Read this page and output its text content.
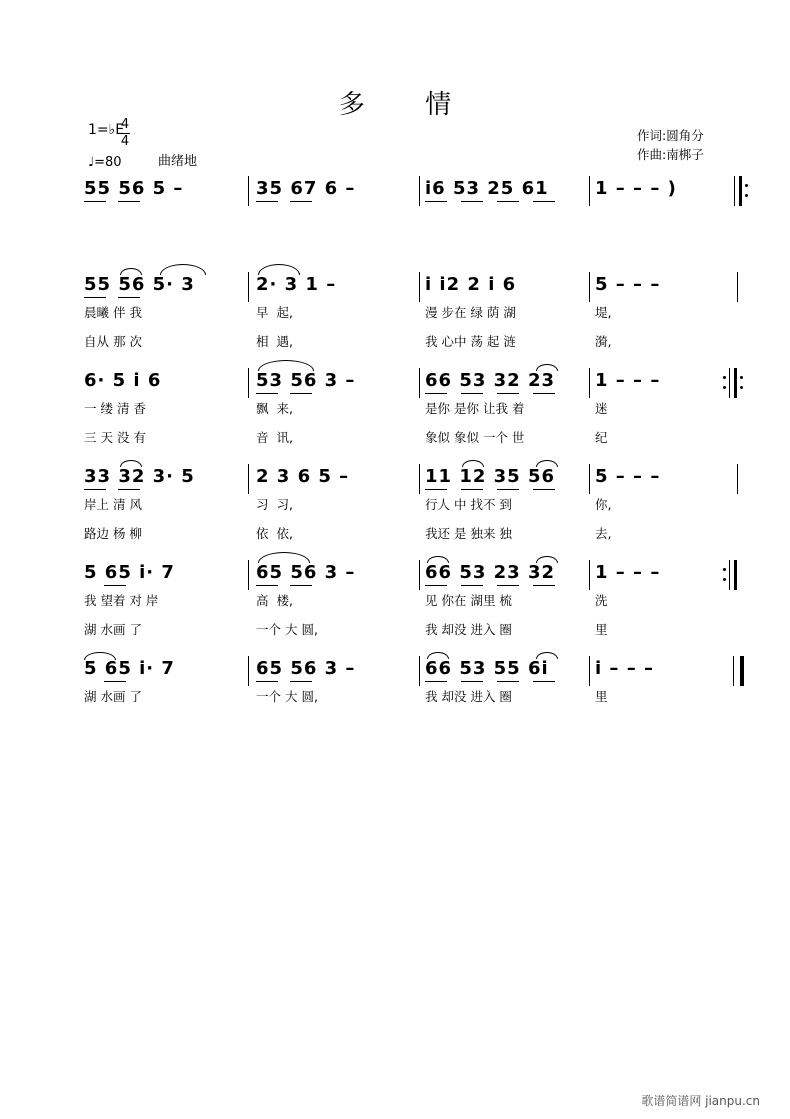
多 情
1=♭E
4
4
♩=80	曲绪地
作词:圆角分
作曲:南梆子
55 56 5 –	35 67 6 –	i6 53 25 61	1 – – – )
55 56 5· 3	2· 3 1 –	i i2 2 i 6	5 – – –
晨曦 伴 我	早  起,	漫 步在 绿 荫 湖	堤,
自从 那 次	相  遇,	我 心中 荡 起 涟	漪,
6· 5 i 6	53 56 3 –	66 53 32 23 1 – – –
一 缕 清 香	飘  来,	是你 是你 让我 着	迷
三 天 没 有	音  讯,	象似 象似 一个 世	纪
33 32 3· 5	2 3 6 5 –	11 12 35 56 5 – – –
岸上 清 风	习  习,	行人 中 找不 到	你,
路边 杨 柳	依  依,	我还 是 独来 独	去,
5 65 i· 7	65 56 3 –	66 53 23 32 1 – – –
我 望着 对 岸	高  楼,	见 你在 湖里 梳	洗
湖 水画 了	一个 大 圆,	我 却没 进入 圈	里
5 65 i· 7	65 56 3 –	66 53 55 6i	i – – –
湖 水画 了	一个 大 圆,	我 却没 进入 圈	里
歌谱简谱网 jianpu.cn
